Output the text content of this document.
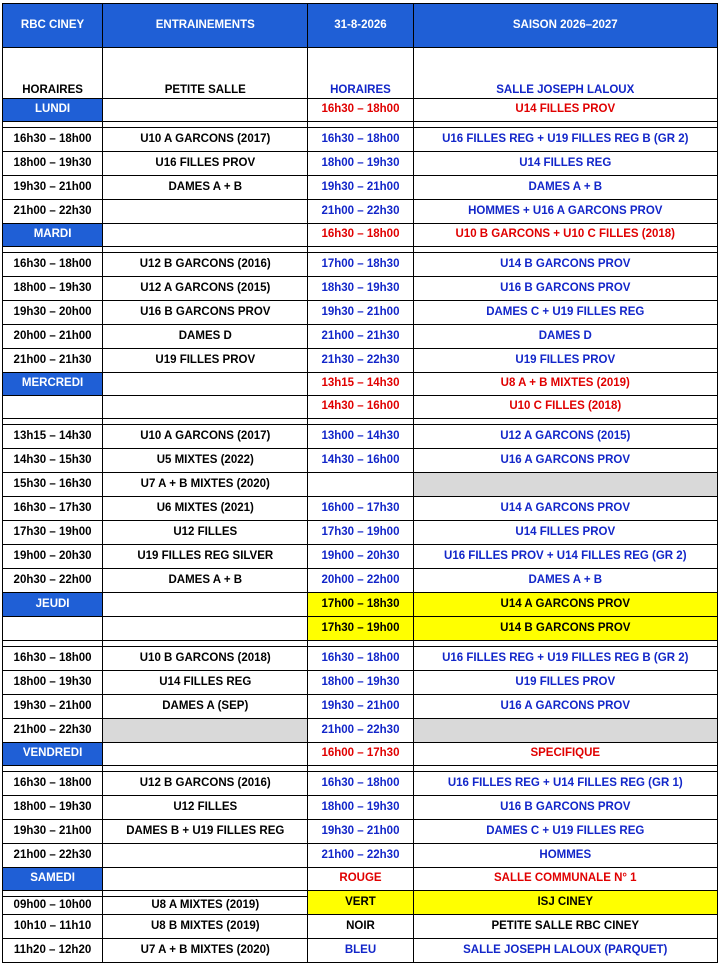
RBC CINEY	ENTRAINEMENTS	31-8-2026	SAISON 2026–2027
HORAIRES	PETITE SALLE	HORAIRES	SALLE JOSEPH LALOUX
LUNDI		16h30 – 18h00	U14 FILLES PROV

16h30 – 18h00	U10 A GARCONS (2017)	16h30 – 18h00	U16 FILLES REG + U19 FILLES REG B (GR 2)
18h00 – 19h30	U16 FILLES PROV	18h00 – 19h30	U14 FILLES REG
19h30 – 21h00	DAMES A + B	19h30 – 21h00	DAMES A + B
21h00 – 22h30		21h00 – 22h30	HOMMES + U16 A GARCONS PROV
MARDI		16h30 – 18h00	U10 B GARCONS + U10 C FILLES (2018)

16h30 – 18h00	U12 B GARCONS (2016)	17h00 – 18h30	U14 B GARCONS PROV
18h00 – 19h30	U12 A GARCONS (2015)	18h30 – 19h30	U16 B GARCONS PROV
19h30 – 20h00	U16 B GARCONS PROV	19h30 – 21h00	DAMES C + U19 FILLES REG
20h00 – 21h00	DAMES D	21h00 – 21h30	DAMES D
21h00 – 21h30	U19 FILLES PROV	21h30 – 22h30	U19 FILLES PROV
MERCREDI		13h15 – 14h30	U8 A + B MIXTES (2019)
		14h30 – 16h00	U10 C FILLES (2018)

13h15 – 14h30	U10 A GARCONS (2017)	13h00 – 14h30	U12 A GARCONS (2015)
14h30 – 15h30	U5 MIXTES (2022)	14h30 – 16h00	U16 A GARCONS PROV
15h30 – 16h30	U7 A + B MIXTES (2020)		
16h30 – 17h30	U6 MIXTES (2021)	16h00 – 17h30	U14 A GARCONS PROV
17h30 – 19h00	U12 FILLES	17h30 – 19h00	U14 FILLES PROV
19h00 – 20h30	U19 FILLES REG SILVER	19h00 – 20h30	U16 FILLES PROV + U14 FILLES REG (GR 2)
20h30 – 22h00	DAMES A + B	20h00 – 22h00	DAMES A + B
JEUDI		17h00 – 18h30	U14 A GARCONS PROV
		17h30 – 19h00	U14 B GARCONS PROV

16h30 – 18h00	U10 B GARCONS (2018)	16h30 – 18h00	U16 FILLES REG + U19 FILLES REG B (GR 2)
18h00 – 19h30	U14 FILLES REG	18h00 – 19h30	U19 FILLES PROV
19h30 – 21h00	DAMES A (SEP)	19h30 – 21h00	U16 A GARCONS PROV
21h00 – 22h30		21h00 – 22h30	
VENDREDI		16h00 – 17h30	SPECIFIQUE

16h30 – 18h00	U12 B GARCONS (2016)	16h30 – 18h00	U16 FILLES REG + U14 FILLES REG (GR 1)
18h00 – 19h30	U12 FILLES	18h00 – 19h30	U16 B GARCONS PROV
19h30 – 21h00	DAMES B + U19 FILLES REG	19h30 – 21h00	DAMES C + U19 FILLES REG
21h00 – 22h30		21h00 – 22h30	HOMMES
SAMEDI		ROUGE	SALLE COMMUNALE N° 1
		VERT	ISJ CINEY
09h00 – 10h00	U8 A MIXTES (2019)		
10h10 – 11h10	U8 B MIXTES (2019)	NOIR	PETITE SALLE RBC CINEY
11h20 – 12h20	U7 A + B MIXTES (2020)	BLEU	SALLE JOSEPH LALOUX (PARQUET)
